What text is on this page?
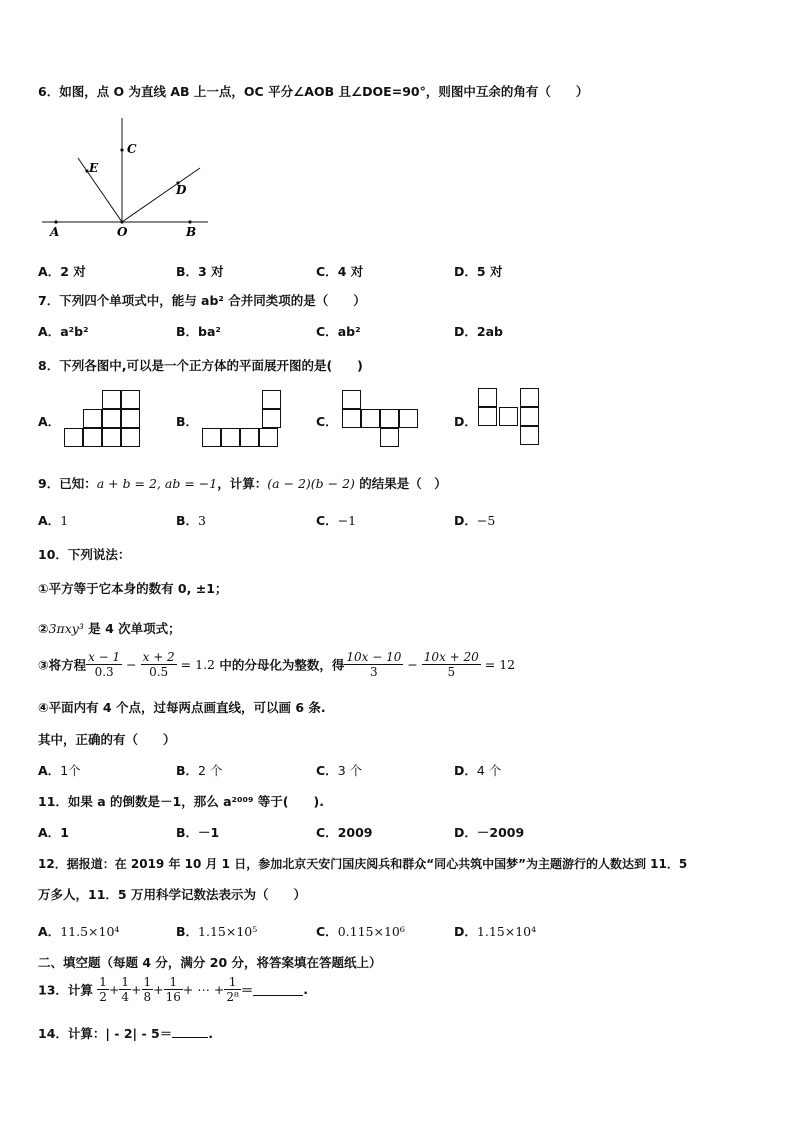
6．如图，点 O 为直线 AB 上一点，OC 平分∠AOB 且∠DOE=90°，则图中互余的角有（　　）
A	O	B
C
D
E
A．2 对	B．3 对	C．4 对	D．5 对
7．下列四个单项式中，能与 ab² 合并同类项的是（　　）
A．a²b²	B．ba²	C．ab²	D．2ab
8．下列各图中,可以是一个正方体的平面展开图的是(　　)
A．	B．	C．	D．
9．已知：a + b = 2, ab = −1，计算：(a − 2)(b − 2) 的结果是（　）
A．1	B．3	C．−1	D．−5
10．下列说法：
①平方等于它本身的数有 0, ±1；
②3πxy³ 是 4 次单项式；
③将方程 $\frac{x - 1}{0.3} - \frac{x + 2}{0.5} = 1.2$ 中的分母化为整数，得 $\frac{10x - 10}{3} - \frac{10x + 20}{5} = 12$
④平面内有 4 个点，过每两点画直线，可以画 6 条.
其中，正确的有（　　）
A．1个	B．2 个	C．3 个	D．4 个
11．如果 a 的倒数是－1，那么 a²⁰⁰⁹ 等于(　　).
A．1	B．－1	C．2009	D．－2009
12．据报道：在 2019 年 10 月 1 日，参加北京天安门国庆阅兵和群众“同心共筑中国梦”为主题游行的人数达到 11．5
万多人，11．5 万用科学记数法表示为（　　）
A．11.5×10⁴	B．1.15×10⁵	C．0.115×10⁶	D．1.15×10⁴
二、填空题（每题 4 分，满分 20 分，将答案填在答题纸上）
13．计算 $\frac{1}{2} + \frac{1}{4} + \frac{1}{8} + \frac{1}{16}$ + ⋯ + $\frac{1}{\text{2⁸}}$ ＝	.
14．计算：| - 2| - 5＝	.
